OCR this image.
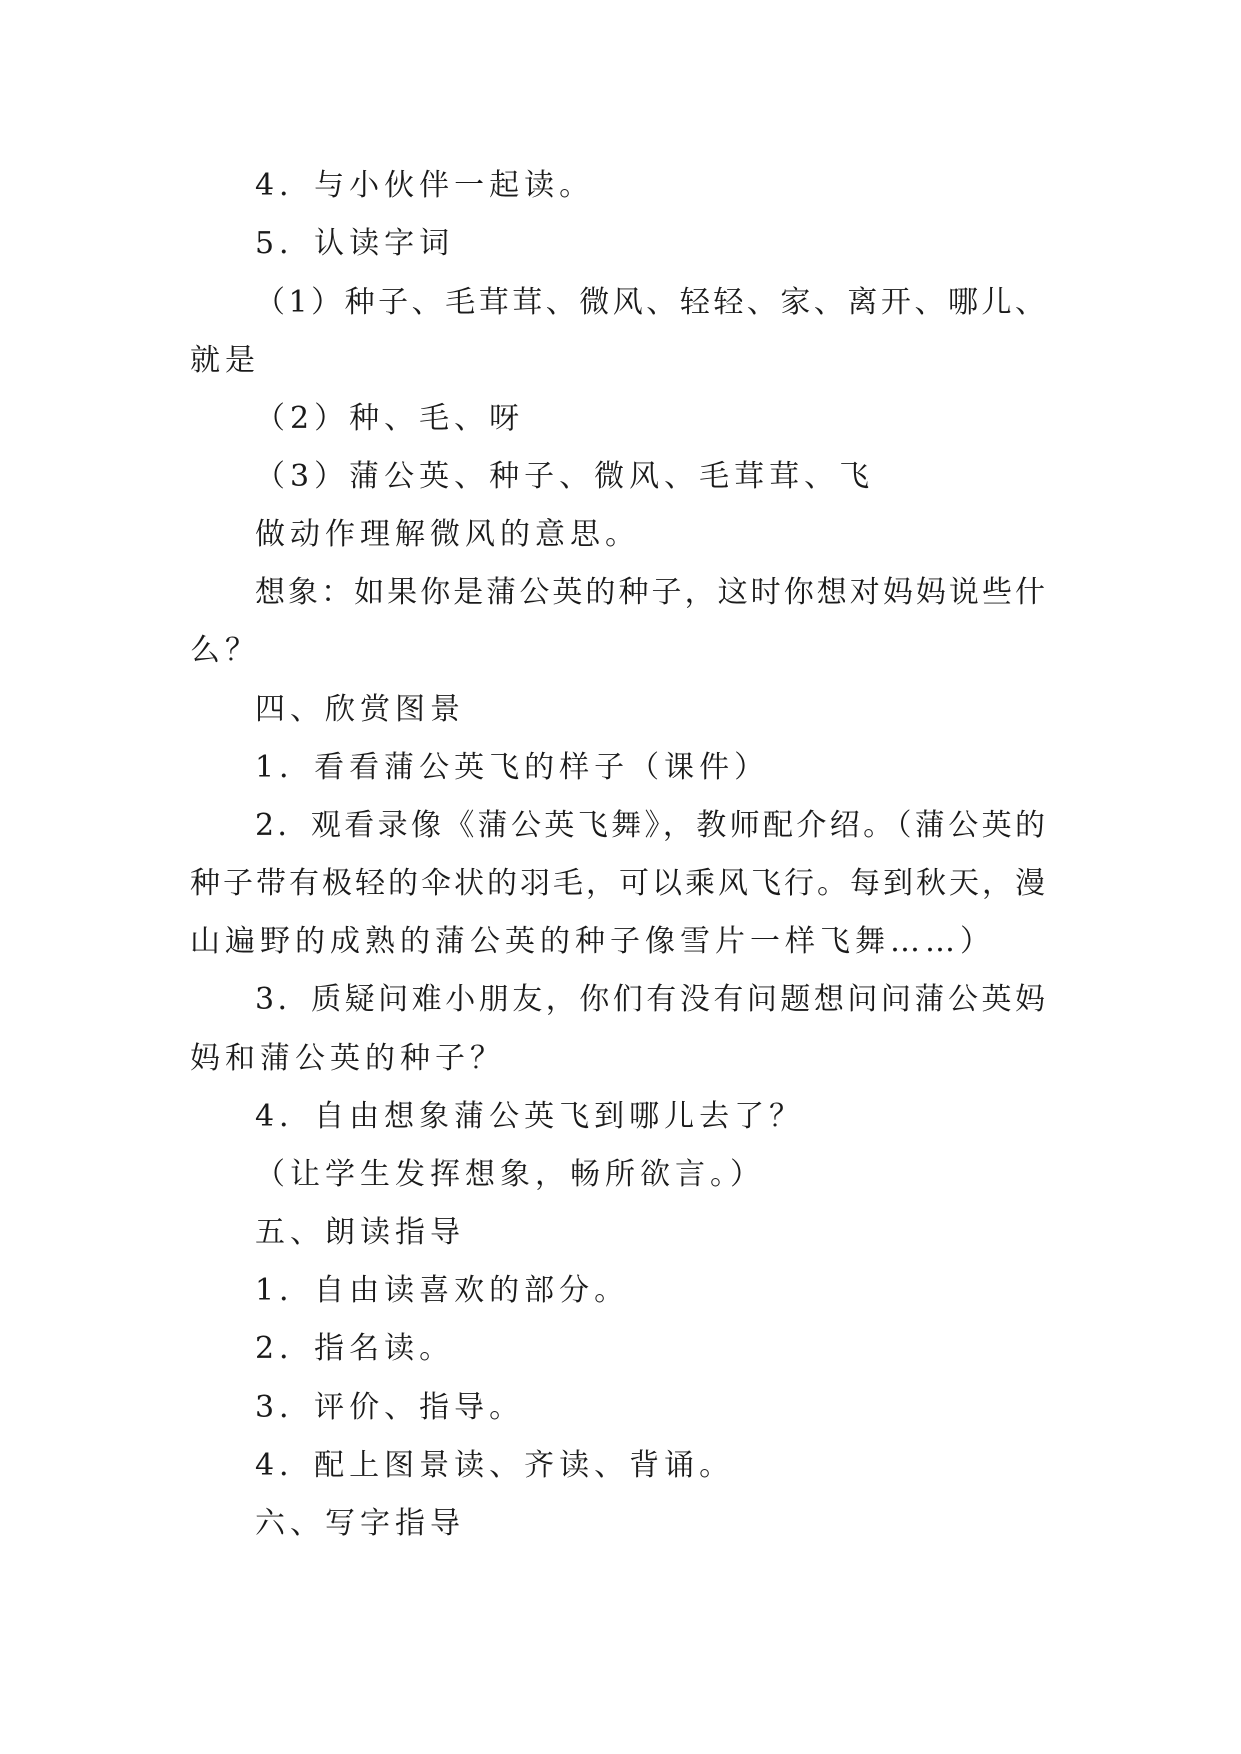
4．与小伙伴一起读。
5．认读字词
（1）种子、毛茸茸、微风、轻轻、家、离开、哪儿、
就是
（2）种、毛、呀
（3）蒲公英、种子、微风、毛茸茸、飞
做动作理解微风的意思。
想象：如果你是蒲公英的种子，这时你想对妈妈说些什
么？
四、欣赏图景
1．看看蒲公英飞的样子（课件）
2．观看录像《蒲公英飞舞》，教师配介绍。（蒲公英的
种子带有极轻的伞状的羽毛，可以乘风飞行。每到秋天，漫
山遍野的成熟的蒲公英的种子像雪片一样飞舞……）
3．质疑问难小朋友，你们有没有问题想问问蒲公英妈
妈和蒲公英的种子？
4．自由想象蒲公英飞到哪儿去了？
（让学生发挥想象，畅所欲言。）
五、朗读指导
1．自由读喜欢的部分。
2．指名读。
3．评价、指导。
4．配上图景读、齐读、背诵。
六、写字指导
